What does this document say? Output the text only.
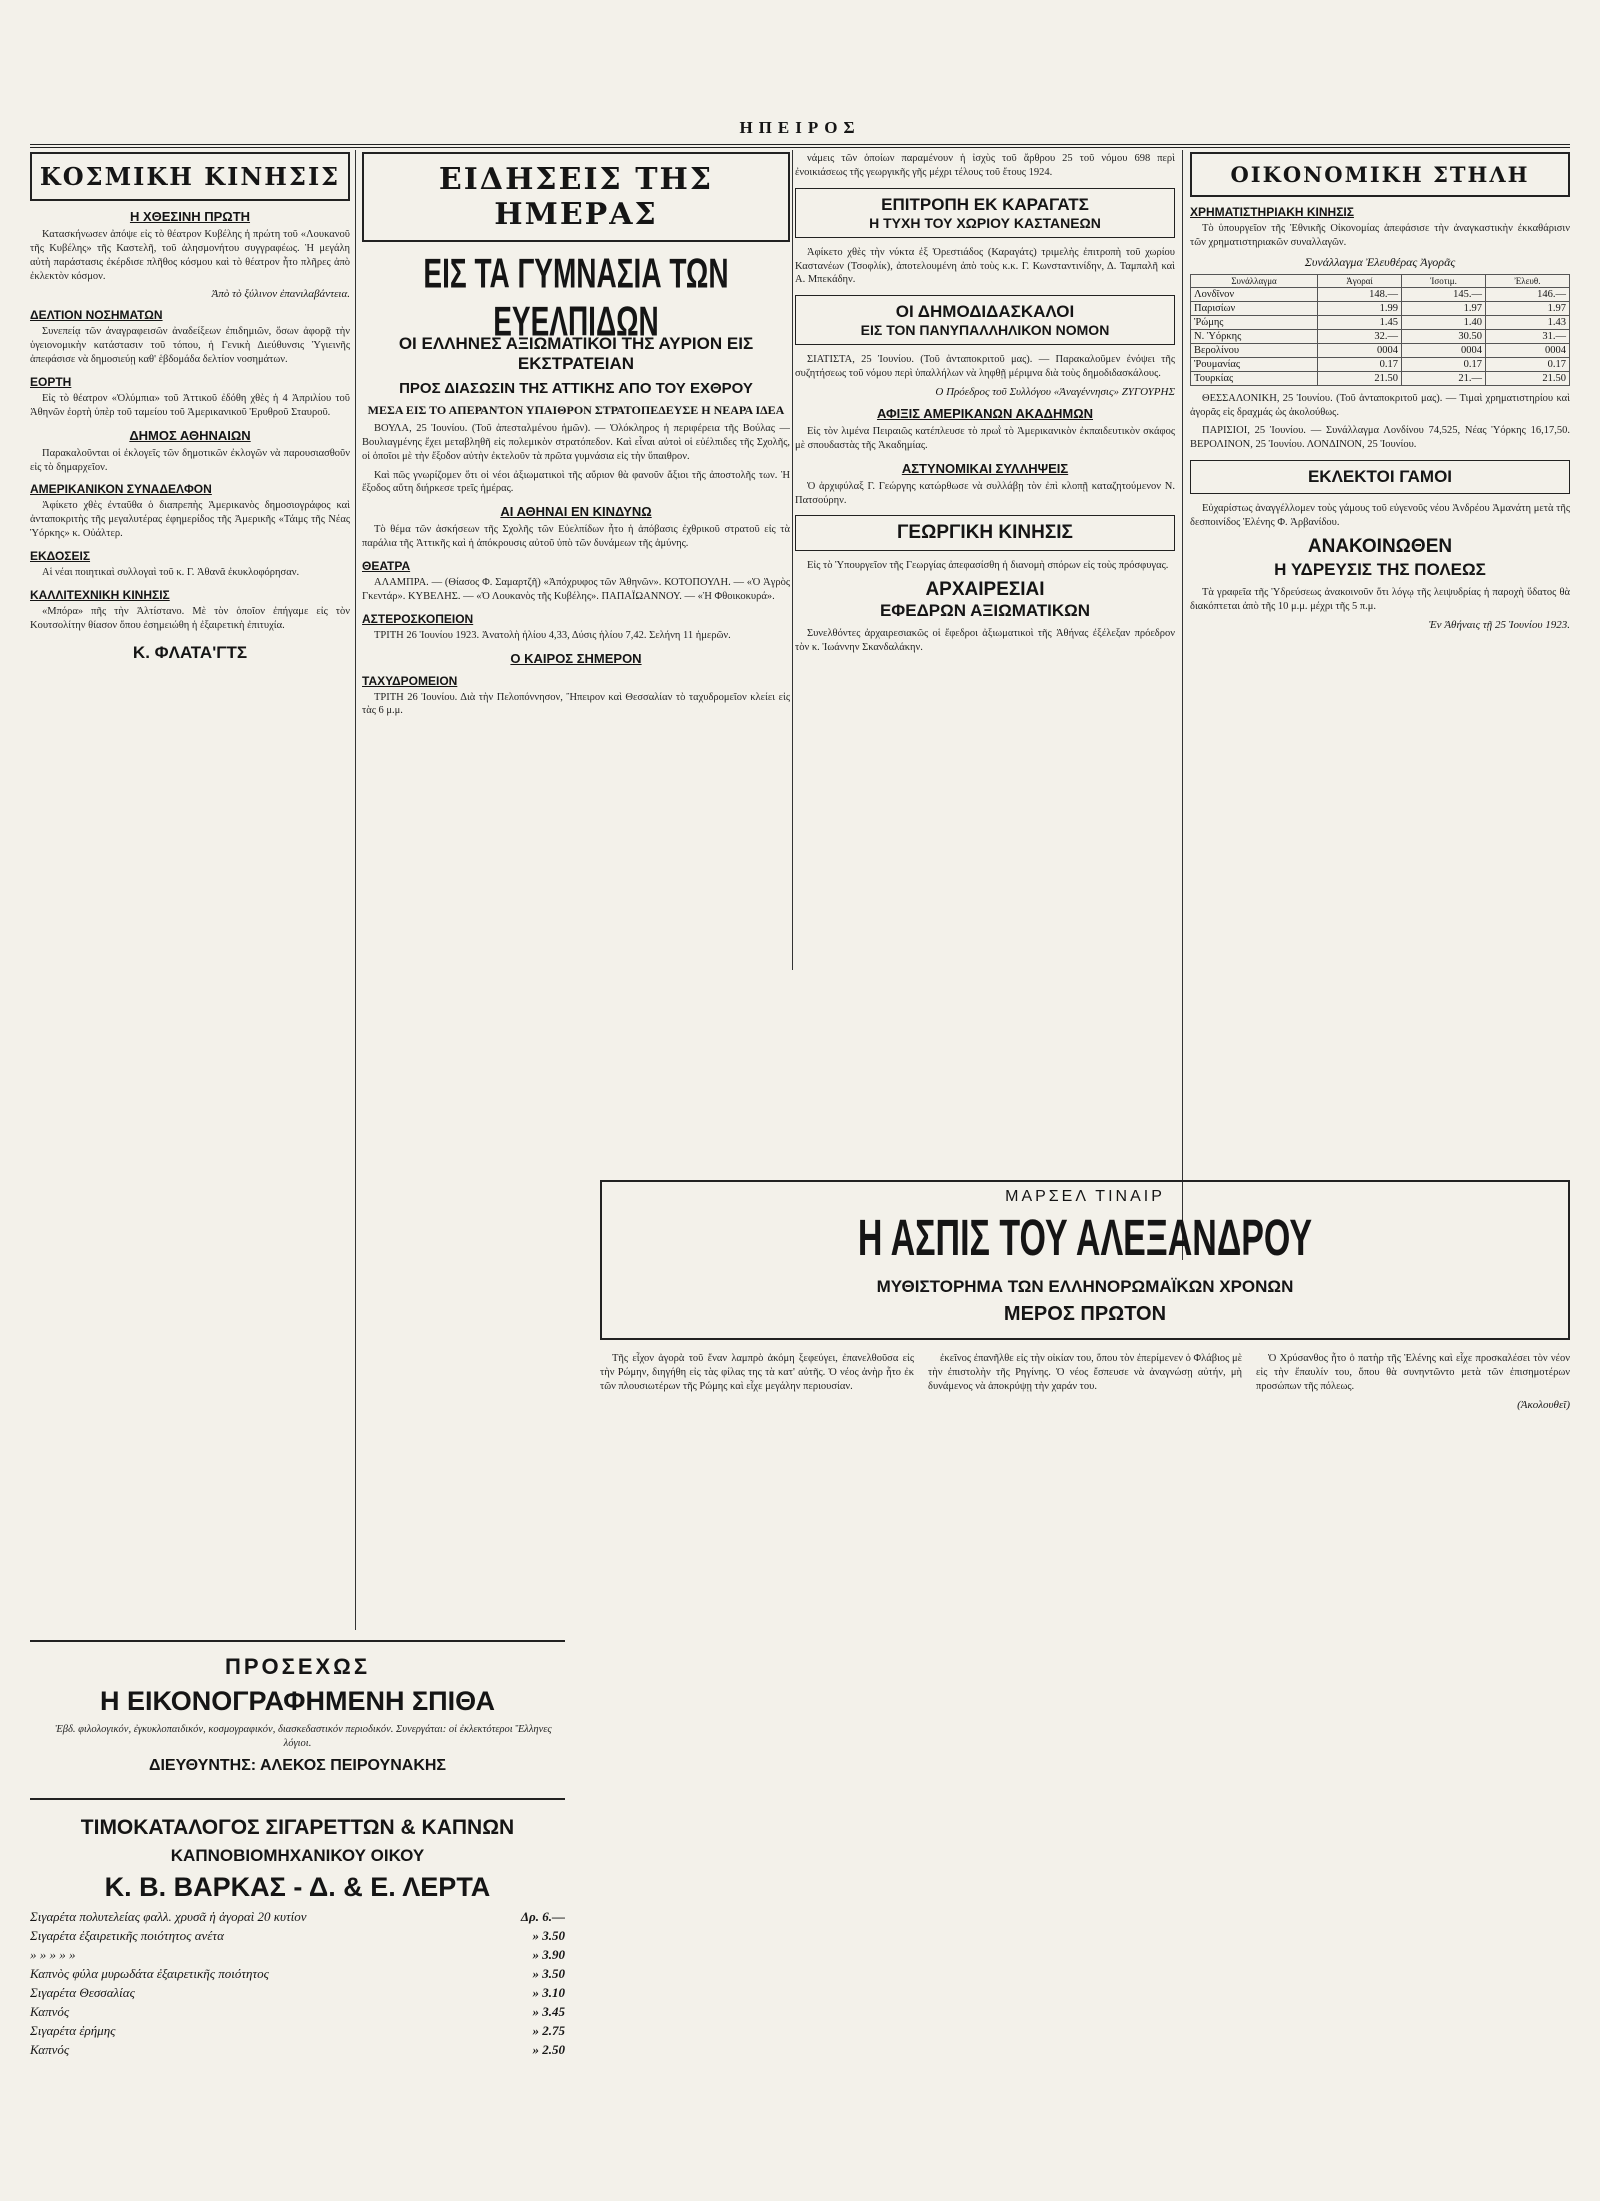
ΗΠΕΙΡΟΣ
ΚΟΣΜΙΚΗ ΚΙΝΗΣΙΣ
Η ΧΘΕΣΙΝΗ ΠΡΩΤΗ

Κατασκήνωσεν ἀπόψε εἰς τὸ θέατρον Κυβέλης ἡ πρώτη τοῦ «Λουκανοῦ τῆς Κυβέλης» τῆς Καστελῆ, τοῦ ἀλησμονήτου συγγραφέως. Ἡ μεγάλη αὐτὴ παράστασις ἐκέρδισε πλῆθος κόσμου καὶ τὸ θέατρον ἦτο πλῆρες ἀπὸ ἐκλεκτὸν κόσμον.

Ἀπὸ τὸ ξύλινον ἐπανιλαβάντεια.
ΔΕΛΤΙΟΝ ΝΟΣΗΜΑΤΩΝ

Συνεπείᾳ τῶν ἀναγραφεισῶν ἀναδείξεων ἐπιδημιῶν, ὅσων ἀφορᾷ τὴν ὑγειονομικὴν κατάστασιν τοῦ τόπου, ἡ Γενικὴ Διεύθυνσις Ὑγιεινῆς ἀπεφάσισε νὰ δημοσιεύῃ καθ' ἑβδομάδα δελτίον νοσημάτων.

ΕΟΡΤΗ

Εἰς τὸ θέατρον «Ὀλύμπια» τοῦ Ἀττικοῦ ἐδόθη χθὲς ἡ 4 Ἀπριλίου τοῦ Ἀθηνῶν ἐορτὴ ὑπὲρ τοῦ ταμείου τοῦ Ἀμερικανικοῦ Ἐρυθροῦ Σταυροῦ.

ΔΗΜΟΣ ΑΘΗΝΑΙΩΝ

Παρακαλοῦνται οἱ ἐκλογεῖς τῶν δημοτικῶν ἐκλογῶν νὰ παρουσιασθοῦν εἰς τὸ δημαρχεῖον.

ΑΜΕΡΙΚΑΝΙΚΟΝ ΣΥΝΑΔΕΛΦΟΝ

Ἀφίκετο χθὲς ἐνταῦθα ὁ διαπρεπὴς Ἀμερικανὸς δημοσιογράφος καὶ ἀνταποκριτὴς τῆς μεγαλυτέρας ἐφημερίδος τῆς Ἀμερικῆς «Τάιμς τῆς Νέας Ὑόρκης» κ. Οὐάλτερ.

ΕΚΔΟΣΕΙΣ

Αἱ νέαι ποιητικαὶ συλλογαὶ τοῦ κ. Γ. Ἀθανᾶ ἐκυκλοφόρησαν.

ΚΑΛΛΙΤΕΧΝΙΚΗ ΚΙΝΗΣΙΣ

«Μπόρα» πῆς τὴν Ἀλτίστανο. Μὲ τὸν ὁποῖον ἐπήγαμε εἰς τὸν Κουτσολίτην θίασον ὅπου ἐσημειώθη ἡ ἐξαιρετικὴ ἐπιτυχία.

Κ. ΦΛΑΤΑ'ΓΤΣ
ΕΙΔΗΣΕΙΣ ΤΗΣ ΗΜΕΡΑΣ
ΕΙΣ ΤΑ ΓΥΜΝΑΣΙΑ ΤΩΝ ΕΥΕΛΠΙΔΩΝ
ΟΙ ΕΛΛΗΝΕΣ ΑΞΙΩΜΑΤΙΚΟΙ ΤΗΣ ΑΥΡΙΟΝ ΕΙΣ ΕΚΣΤΡΑΤΕΙΑΝ
ΠΡΟΣ ΔΙΑΣΩΣΙΝ ΤΗΣ ΑΤΤΙΚΗΣ ΑΠΟ ΤΟΥ ΕΧΘΡΟΥ
ΜΕΣΑ ΕΙΣ ΤΟ ΑΠΕΡΑΝΤΟΝ ΥΠΑΙΘΡΟΝ ΣΤΡΑΤΟΠΕΔΕΥΣΕ Η ΝΕΑΡΑ ΙΔΕΑ

ΒΟΥΛΑ, 25 Ἰουνίου. (Τοῦ ἀπεσταλμένου ἡμῶν). — Ὁλόκληρος ἡ περιφέρεια τῆς Βούλας — Βουλιαγμένης ἔχει μεταβληθῆ εἰς πολεμικὸν στρατόπεδον. Καὶ εἶναι αὐτοὶ οἱ εὐέλπιδες τῆς Σχολῆς, οἱ ὁποῖοι μὲ τὴν ἔξοδον αὐτὴν ἐκτελοῦν τὰ πρῶτα γυμνάσια εἰς τὴν ὕπαιθρον.

Καὶ πῶς γνωρίζομεν ὅτι οἱ νέοι ἀξιωματικοὶ τῆς αὔριον θὰ φανοῦν ἄξιοι τῆς ἀποστολῆς των. Ἡ ἔξοδος αὕτη διήρκεσε τρεῖς ἡμέρας.

ΑΙ ΑΘΗΝΑΙ ΕΝ ΚΙΝΔΥΝΩ

Τὸ θέμα τῶν ἀσκήσεων τῆς Σχολῆς τῶν Εὐελπίδων ἦτο ἡ ἀπόβασις ἐχθρικοῦ στρατοῦ εἰς τὰ παράλια τῆς Ἀττικῆς καὶ ἡ ἀπόκρουσις αὐτοῦ ὑπὸ τῶν δυνάμεων τῆς ἀμύνης.

ΘΕΑΤΡΑ

ΑΛΑΜΠΡΑ. — (Θίασος Φ. Σαμαρτζῆ) «Ἀπόχρυφος τῶν Ἀθηνῶν». ΚΟΤΟΠΟΥΛΗ. — «Ὁ Ἀγρὸς Γκεντάρ». ΚΥΒΕΛΗΣ. — «Ὁ Λουκανὸς τῆς Κυβέλης». ΠΑΠΑΪΩΑΝΝΟΥ. — «Ἡ Φθοικοκυρά».

ΑΣΤΕΡΟΣΚΟΠΕΙΟΝ

ΤΡΙΤΗ 26 Ἰουνίου 1923. Ἀνατολὴ ἡλίου 4,33, Δύσις ἡλίου 7,42. Σελήνη 11 ἡμερῶν.

Ο ΚΑΙΡΟΣ ΣΗΜΕΡΟΝ
ΤΑΧΥΔΡΟΜΕΙΟΝ

ΤΡΙΤΗ 26 Ἰουνίου. Διὰ τὴν Πελοπόννησον, Ἤπειρον καὶ Θεσσαλίαν τὸ ταχυδρομεῖον κλείει εἰς τὰς 6 μ.μ.

νάμεις τῶν ὁποίων παραμένουν ἡ ἰσχὺς τοῦ ἄρθρου 25 τοῦ νόμου 698 περὶ ἐνοικιάσεως τῆς γεωργικῆς γῆς μέχρι τέλους τοῦ ἔτους 1924.

ΕΠΙΤΡΟΠΗ ΕΚ ΚΑΡΑΓΑΤΣ
Η ΤΥΧΗ ΤΟΥ ΧΩΡΙΟΥ ΚΑΣΤΑΝΕΩΝ

Ἀφίκετο χθὲς τὴν νύκτα ἐξ Ὀρεστιάδος (Καραγάτς) τριμελὴς ἐπιτροπὴ τοῦ χωρίου Καστανέων (Τσοφλίκ), ἀποτελουμένη ἀπὸ τοὺς κ.κ. Γ. Κωνσταντινίδην, Δ. Ταμπαλῆ καὶ Α. Μπεκάδην.

ΟΙ ΔΗΜΟΔΙΔΑΣΚΑΛΟΙ
ΕΙΣ ΤΟΝ ΠΑΝΥΠΑΛΛΗΛΙΚΟΝ ΝΟΜΟΝ

ΣΙΑΤΙΣΤΑ, 25 Ἰουνίου. (Τοῦ ἀνταποκριτοῦ μας). — Παρακαλοῦμεν ἐνόψει τῆς συζητήσεως τοῦ νόμου περὶ ὑπαλλήλων νὰ ληφθῇ μέριμνα διὰ τοὺς δημοδιδασκάλους.

Ο Πρόεδρος τοῦ Συλλόγου «Ἀναγέννησις» ΖΥΓΟΥΡΗΣ
ΑΦΙΞΙΣ ΑΜΕΡΙΚΑΝΩΝ ΑΚΑΔΗΜΩΝ

Εἰς τὸν λιμένα Πειραιῶς κατέπλευσε τὸ πρωῒ τὸ Ἀμερικανικὸν ἐκπαιδευτικὸν σκάφος μὲ σπουδαστὰς τῆς Ἀκαδημίας.

ΑΣΤΥΝΟΜΙΚΑΙ ΣΥΛΛΗΨΕΙΣ

Ὁ ἀρχιφύλαξ Γ. Γεώργης κατώρθωσε νὰ συλλάβῃ τὸν ἐπὶ κλοπῇ καταζητούμενον Ν. Πατσούρην.

ΓΕΩΡΓΙΚΗ ΚΙΝΗΣΙΣ

Εἰς τὸ Ὑπουργεῖον τῆς Γεωργίας ἀπεφασίσθη ἡ διανομὴ σπόρων εἰς τοὺς πρόσφυγας.

ΑΡΧΑΙΡΕΣΙΑΙ
ΕΦΕΔΡΩΝ ΑΞΙΩΜΑΤΙΚΩΝ

Συνελθόντες ἀρχαιρεσιακῶς οἱ ἔφεδροι ἀξιωματικοὶ τῆς Ἀθήνας ἐξέλεξαν πρόεδρον τὸν κ. Ἰωάννην Σκανδαλάκην.

ΟΙΚΟΝΟΜΙΚΗ ΣΤΗΛΗ
ΧΡΗΜΑΤΙΣΤΗΡΙΑΚΗ ΚΙΝΗΣΙΣ

Τὸ ὑπουργεῖον τῆς Ἐθνικῆς Οἰκονομίας ἀπεφάσισε τὴν ἀναγκαστικὴν ἐκκαθάρισιν τῶν χρηματιστηριακῶν συναλλαγῶν.

Συνάλλαγμα Ἐλευθέρας Ἀγορᾶς
Συνάλλαγμα	Ἀγοραί	Ἰσοτιμ.	Ἐλευθ.
Λονδῖνον	148.—	145.—	146.—
Παρισίων	1.99	1.97	1.97
Ῥώμης	1.45	1.40	1.43
Ν. Ὑόρκης	32.—	30.50	31.—
Βερολίνου	0004	0004	0004
Ῥουμανίας	0.17	0.17	0.17
Τουρκίας	21.50	21.—	21.50

ΘΕΣΣΑΛΟΝΙΚΗ, 25 Ἰουνίου. (Τοῦ ἀνταποκριτοῦ μας). — Τιμαὶ χρηματιστηρίου καὶ ἀγορᾶς εἰς δραχμάς ὡς ἀκολούθως.

ΠΑΡΙΣΙΟΙ, 25 Ἰουνίου. — Συνάλλαγμα Λονδίνου 74,525, Νέας Ὑόρκης 16,17,50. ΒΕΡΟΛΙΝΟΝ, 25 Ἰουνίου. ΛΟΝΔΙΝΟΝ, 25 Ἰουνίου.

ΕΚΛΕΚΤΟΙ ΓΑΜΟΙ

Εὐχαρίστως ἀναγγέλλομεν τοὺς γάμους τοῦ εὐγενοῦς νέου Ἀνδρέου Ἀμανάτη μετὰ τῆς δεσποινίδος Ἑλένης Φ. Ἀρβανίδου.

ΑΝΑΚΟΙΝΩΘΕΝ
Η ΥΔΡΕΥΣΙΣ ΤΗΣ ΠΟΛΕΩΣ

Τὰ γραφεῖα τῆς Ὑδρεύσεως ἀνακοινοῦν ὅτι λόγῳ τῆς λειψυδρίας ἡ παροχὴ ὕδατος θὰ διακόπτεται ἀπὸ τῆς 10 μ.μ. μέχρι τῆς 5 π.μ.

Ἐν Ἀθήναις τῇ 25 Ἰουνίου 1923.
ΠΡΟΣΕΧΩΣ
Η ΕΙΚΟΝΟΓΡΑΦΗΜΕΝΗ ΣΠΙΘΑ

Ἑβδ. φιλολογικόν, ἐγκυκλοπαιδικόν, κοσμογραφικόν, διασκεδαστικόν περιοδικόν. Συνεργάται: οἱ ἐκλεκτότεροι Ἕλληνες λόγιοι.

ΔΙΕΥΘΥΝΤΗΣ: ΑΛΕΚΟΣ ΠΕΙΡΟΥΝΑΚΗΣ
ΤΙΜΟΚΑΤΑΛΟΓΟΣ ΣΙΓΑΡΕΤΤΩΝ & ΚΑΠΝΩΝ
ΚΑΠΝΟΒΙΟΜΗΧΑΝΙΚΟΥ ΟΙΚΟΥ
Κ. Β. ΒΑΡΚΑΣ - Δ. & Ε. ΛΕΡΤΑ
Σιγαρέτα πολυτελείας φαλλ. χρυσᾶ ἡ ἀγοραὶ 20 κυτίον	Δρ. 6.—
Σιγαρέτα ἐξαιρετικῆς ποιότητος ανέτα	» 3.50
» » » » »	» 3.90
Καπνὸς φύλα μυρωδάτα ἐξαιρετικῆς ποιότητος	» 3.50
Σιγαρέτα Θεσσαλίας	» 3.10
Καπνός	» 3.45
Σιγαρέτα ἐρήμης	» 2.75
Καπνός	» 2.50
ΜΑΡΣΕΛ ΤΙΝΑΙΡ
Η ΑΣΠΙΣ ΤΟΥ ΑΛΕΞΑΝΔΡΟΥ
ΜΥΘΙΣΤΟΡΗΜΑ ΤΩΝ ΕΛΛΗΝΟΡΩΜΑΪΚΩΝ ΧΡΟΝΩΝ
ΜΕΡΟΣ ΠΡΩΤΟΝ

Τῆς εἶχον ἀγορὰ τοῦ ἕναν λαμπρὸ ἀκόμη ξεφεύγει, ἐπανελθοῦσα εἰς τὴν Ρώμην, διηγήθη εἰς τὰς φίλας της τὰ κατ' αὐτῆς. Ὁ νέος ἀνὴρ ἦτο ἐκ τῶν πλουσιωτέρων τῆς Ρώμης καὶ εἶχε μεγάλην περιουσίαν.

ἐκεῖνος ἐπανῆλθε εἰς τὴν οἰκίαν του, ὅπου τὸν ἐπερίμενεν ὁ Φλάβιος μὲ τὴν ἐπιστολὴν τῆς Ρηγίνης. Ὁ νέος ἔσπευσε νὰ ἀναγνώσῃ αὐτήν, μὴ δυνάμενος νὰ ἀποκρύψῃ τὴν χαράν του.

Ὁ Χρύσανθος ἦτο ὁ πατὴρ τῆς Ἑλένης καὶ εἶχε προσκαλέσει τὸν νέον εἰς τὴν ἔπαυλίν του, ὅπου θὰ συνηντῶντο μετὰ τῶν ἐπισημοτέρων προσώπων τῆς πόλεως.

(Ἀκολουθεῖ)
